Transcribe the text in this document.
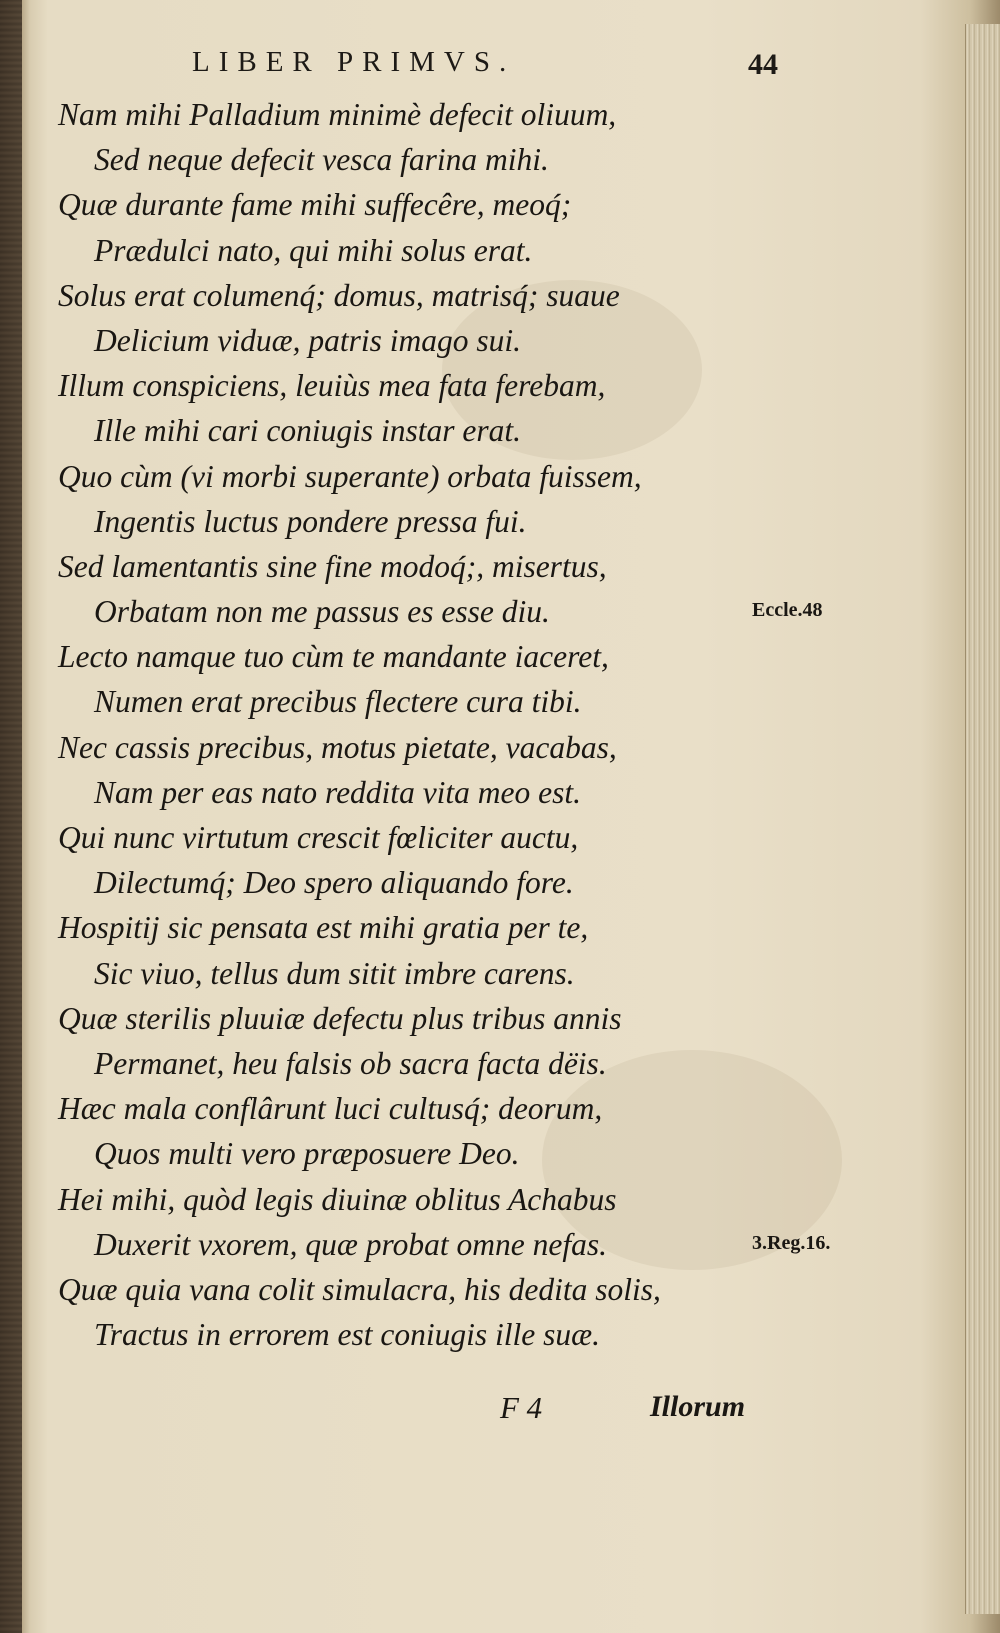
LIBER PRIMVS.	44
Nam mihi Palladium minimè defecit oliuum,
Sed neque defecit vesca farina mihi.
Quæ durante fame mihi suffecêre, meoq́;
Prædulci nato, qui mihi solus erat.
Solus erat columenq́; domus, matrisq́; suaue
Delicium viduæ, patris imago sui.
Illum conspiciens, leuiùs mea fata ferebam,
Ille mihi cari coniugis instar erat.
Quo cùm (vi morbi superante) orbata fuissem,
Ingentis luctus pondere pressa fui.
Sed lamentantis sine fine modoq́;, misertus,
Orbatam non me passus es esse diu.
Lecto namque tuo cùm te mandante iaceret,
Numen erat precibus flectere cura tibi.
Nec cassis precibus, motus pietate, vacabas,
Nam per eas nato reddita vita meo est.
Qui nunc virtutum crescit fœliciter auctu,
Dilectumq́; Deo spero aliquando fore.
Hospitij sic pensata est mihi gratia per te,
Sic viuo, tellus dum sitit imbre carens.
Quæ sterilis pluuiæ defectu plus tribus annis
Permanet, heu falsis ob sacra facta dëis.
Hæc mala conflârunt luci cultusq́; deorum,
Quos multi vero præposuere Deo.
Hei mihi, quòd legis diuinæ oblitus Achabus
Duxerit vxorem, quæ probat omne nefas.
Quæ quia vana colit simulacra, his dedita solis,
Tractus in errorem est coniugis ille suæ.
Eccle.48
3.Reg.16.
F 4	Illorum
